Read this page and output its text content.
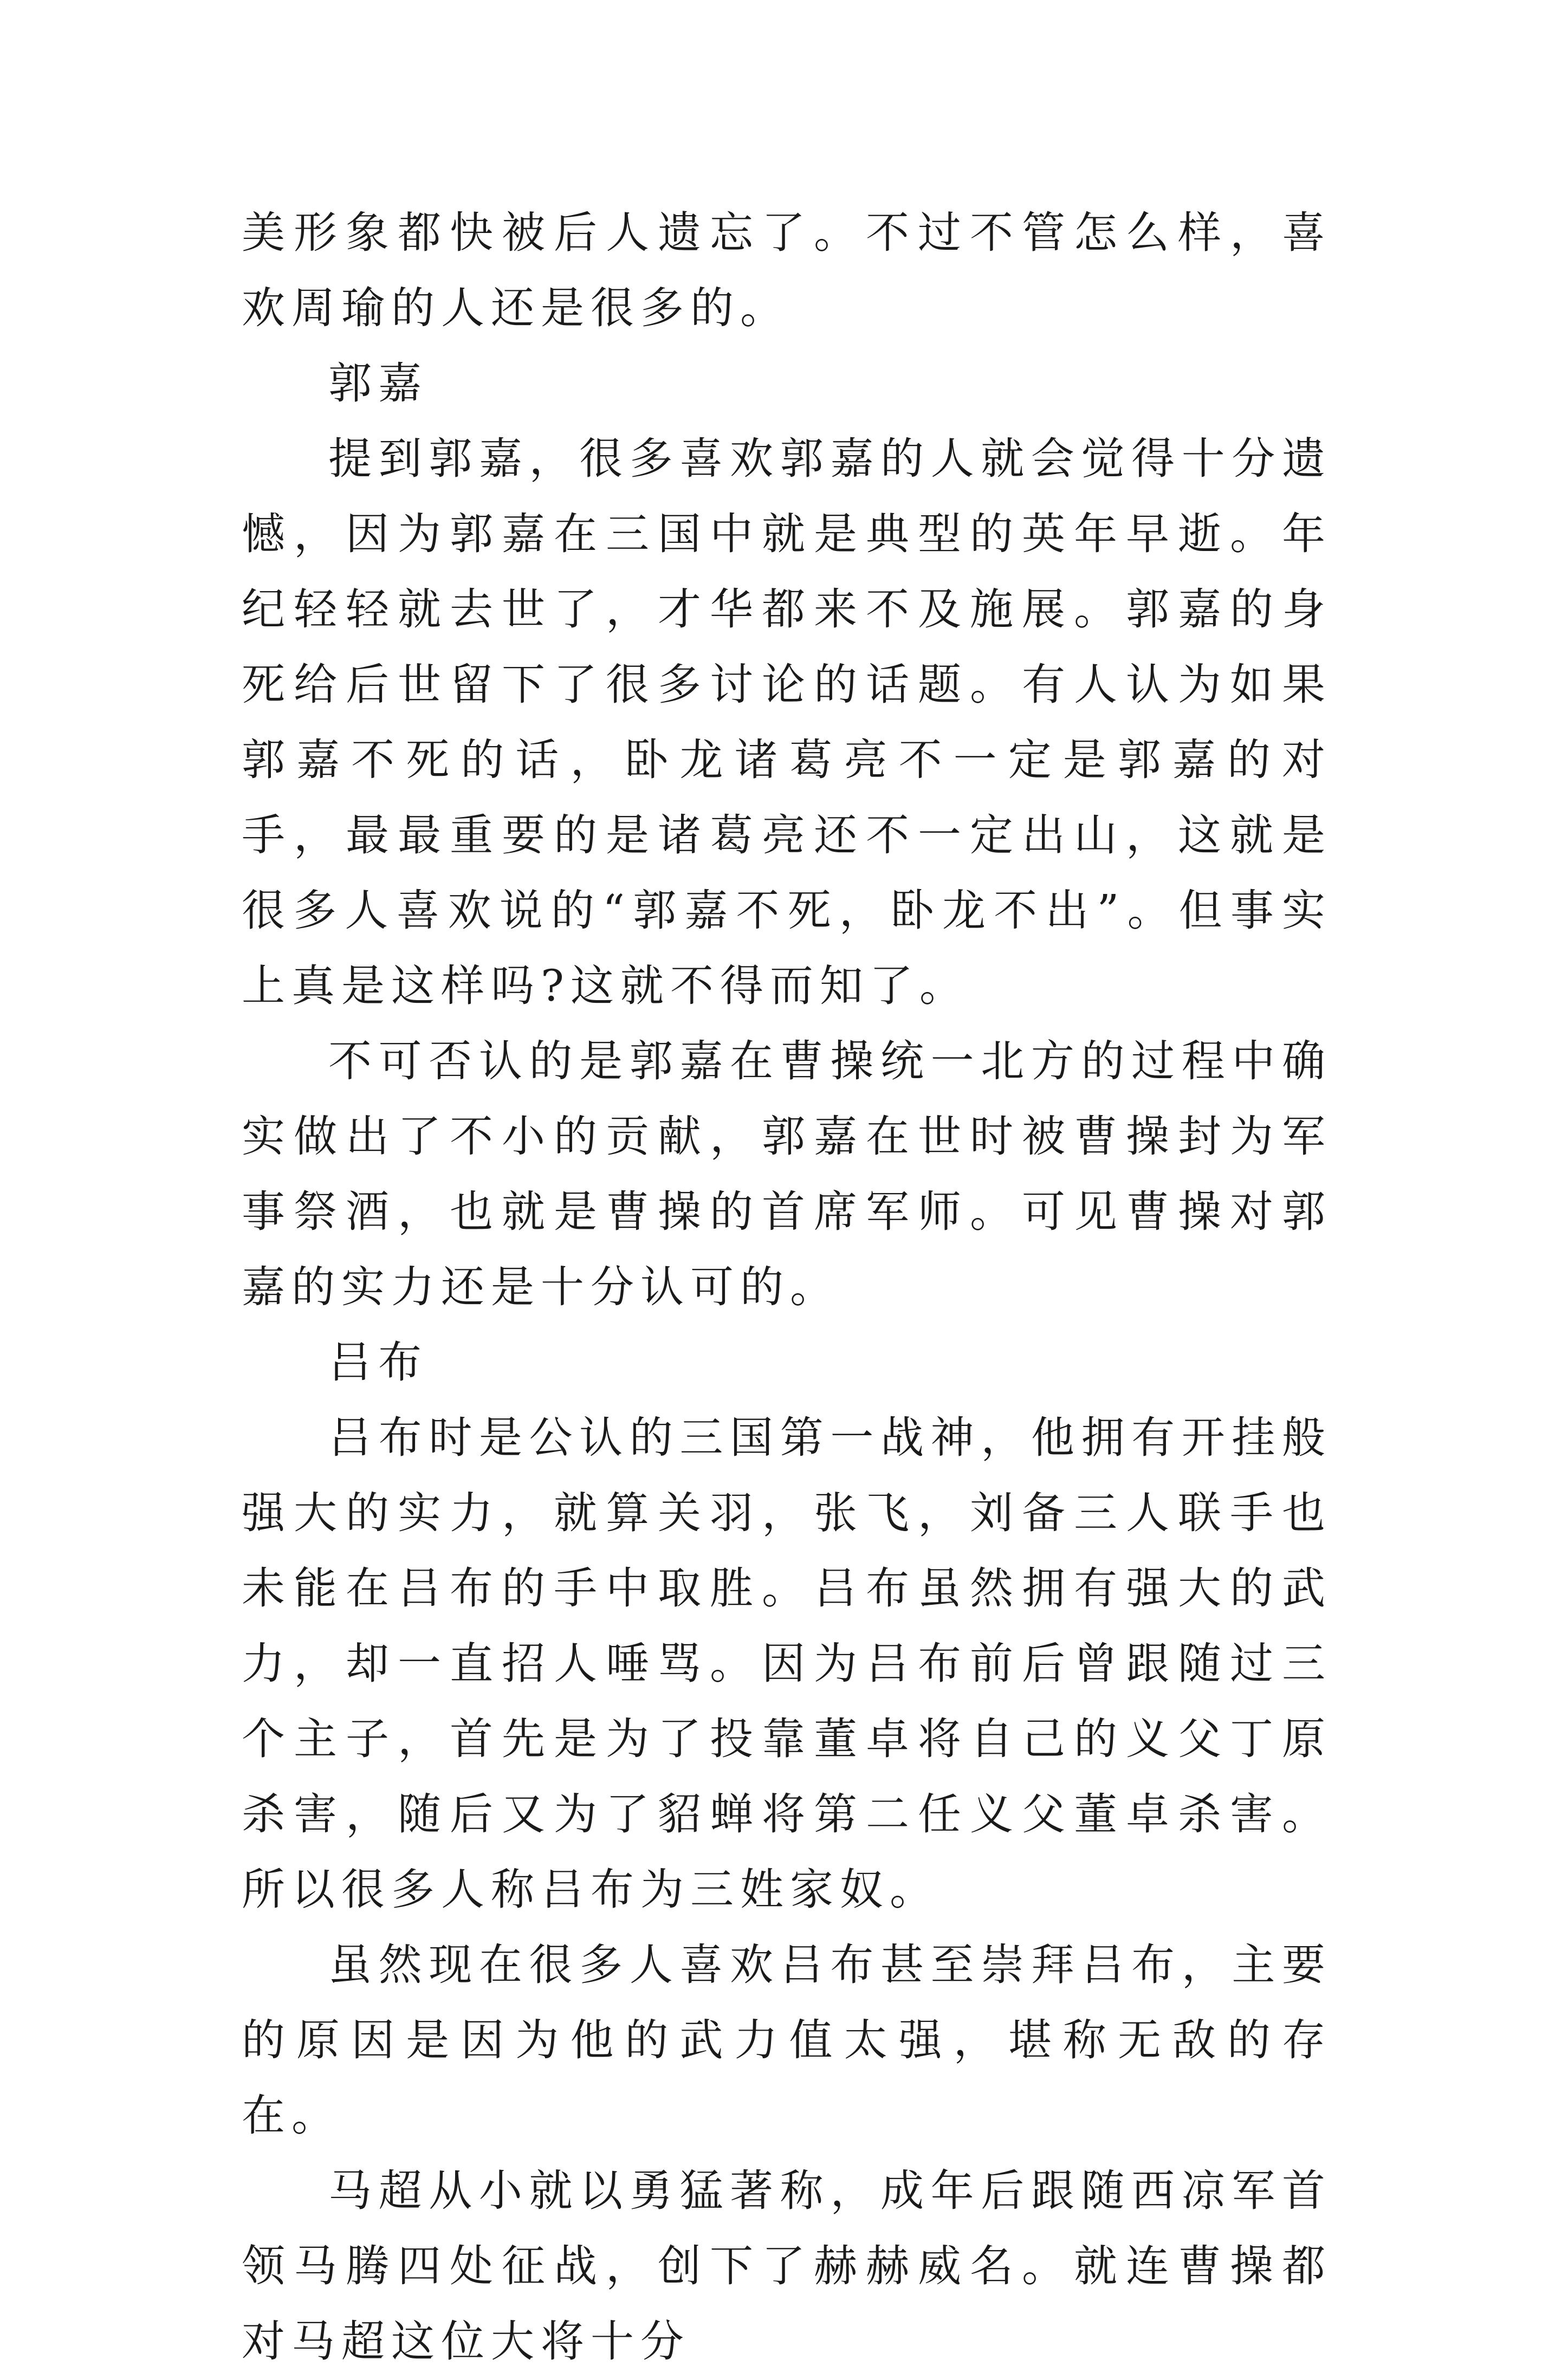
美形象都快被后人遗忘了。不过不管怎么样，喜欢周瑜的人还是很多的。

郭嘉

提到郭嘉，很多喜欢郭嘉的人就会觉得十分遗憾，因为郭嘉在三国中就是典型的英年早逝。年纪轻轻就去世了，才华都来不及施展。郭嘉的身死给后世留下了很多讨论的话题。有人认为如果郭嘉不死的话，卧龙诸葛亮不一定是郭嘉的对手，最最重要的是诸葛亮还不一定出山，这就是很多人喜欢说的“郭嘉不死，卧龙不出”。但事实上真是这样吗?这就不得而知了。

不可否认的是郭嘉在曹操统一北方的过程中确实做出了不小的贡献，郭嘉在世时被曹操封为军事祭酒，也就是曹操的首席军师。可见曹操对郭嘉的实力还是十分认可的。

吕布

吕布时是公认的三国第一战神，他拥有开挂般强大的实力，就算关羽，张飞，刘备三人联手也未能在吕布的手中取胜。吕布虽然拥有强大的武力，却一直招人唾骂。因为吕布前后曾跟随过三个主子，首先是为了投靠董卓将自己的义父丁原杀害，随后又为了貂蝉将第二任义父董卓杀害。所以很多人称吕布为三姓家奴。

虽然现在很多人喜欢吕布甚至崇拜吕布，主要的原因是因为他的武力值太强，堪称无敌的存在。

马超从小就以勇猛著称，成年后跟随西凉军首领马腾四处征战，创下了赫赫威名。就连曹操都对马超这位大将十分
